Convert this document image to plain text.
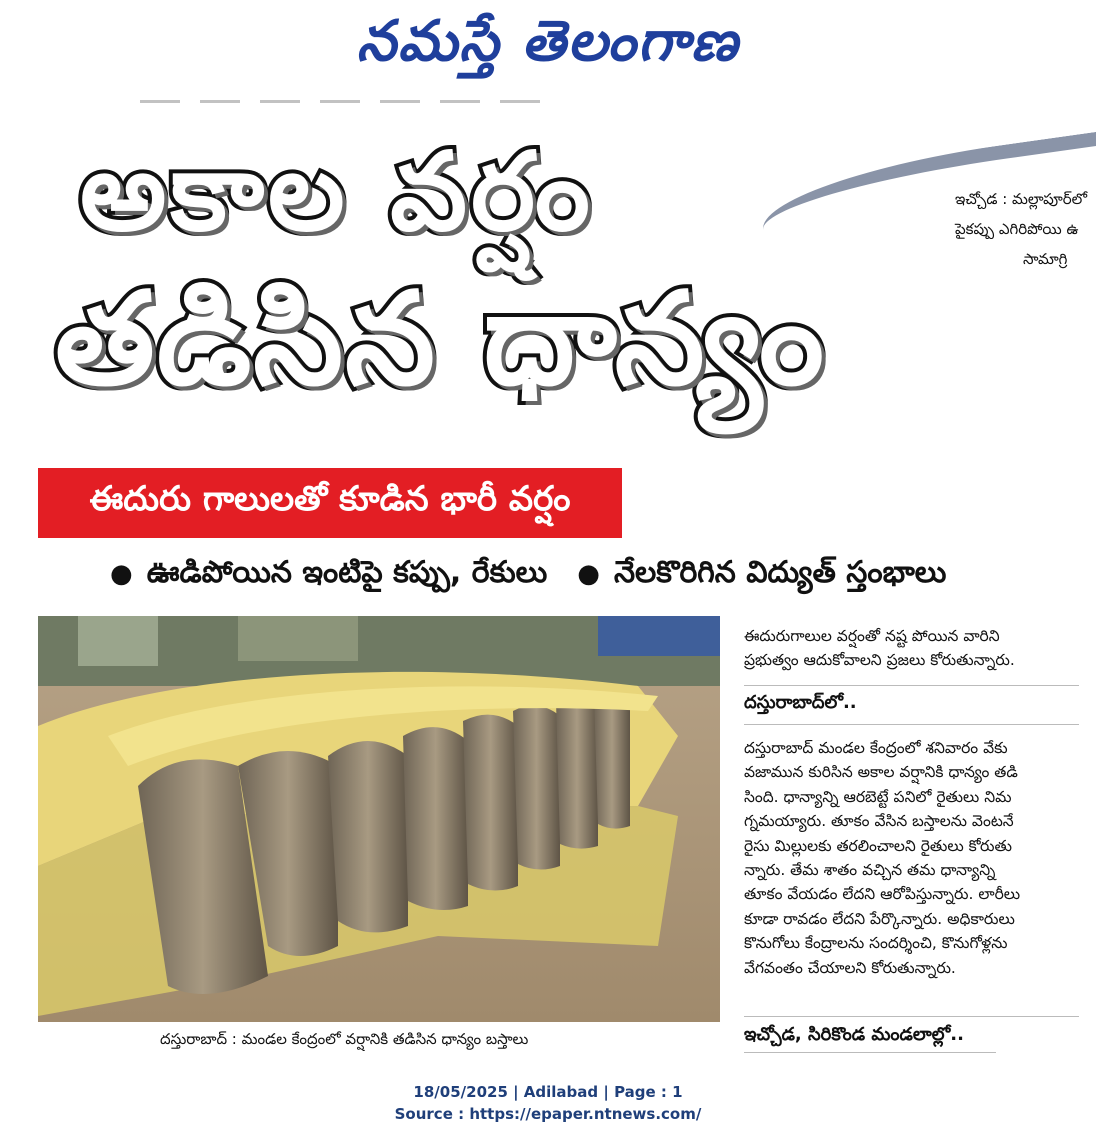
నమస్తే తెలంగాణ
ఇచ్చోడ : మల్లాపూర్‌లో
పైకప్పు ఎగిరిపోయి ఉ
సామాగ్రి
అకాల వర్షం
తడిసిన ధాన్యం
ఈదురు గాలులతో కూడిన భారీ వర్షం
● ఊడిపోయిన ఇంటిపై కప్పు, రేకులు ● నేలకొరిగిన విద్యుత్ స్తంభాలు
దస్తురాబాద్ : మండల కేంద్రంలో వర్షానికి తడిసిన ధాన్యం బస్తాలు
ఈదురుగాలుల వర్షంతో నష్ట పోయిన వారిని
ప్రభుత్వం ఆదుకోవాలని ప్రజలు కోరుతున్నారు.
దస్తురాబాద్‌లో..
దస్తురాబాద్ మండల కేంద్రంలో శనివారం వేకు
వజామున కురిసిన అకాల వర్షానికి ధాన్యం తడి
సింది. ధాన్యాన్ని ఆరబెట్టే పనిలో రైతులు నిమ
గ్నమయ్యారు. తూకం వేసిన బస్తాలను వెంటనే
రైసు మిల్లులకు తరలించాలని రైతులు కోరుతు
న్నారు. తేమ శాతం వచ్చిన తమ ధాన్యాన్ని
తూకం వేయడం లేదని ఆరోపిస్తున్నారు. లారీలు
కూడా రావడం లేదని పేర్కొన్నారు. అధికారులు
కొనుగోలు కేంద్రాలను సందర్శించి, కొనుగోళ్లను
వేగవంతం చేయాలని కోరుతున్నారు.
ఇచ్చోడ, సిరికొండ మండలాల్లో..
18/05/2025 | Adilabad | Page : 1
Source : https://epaper.ntnews.com/
